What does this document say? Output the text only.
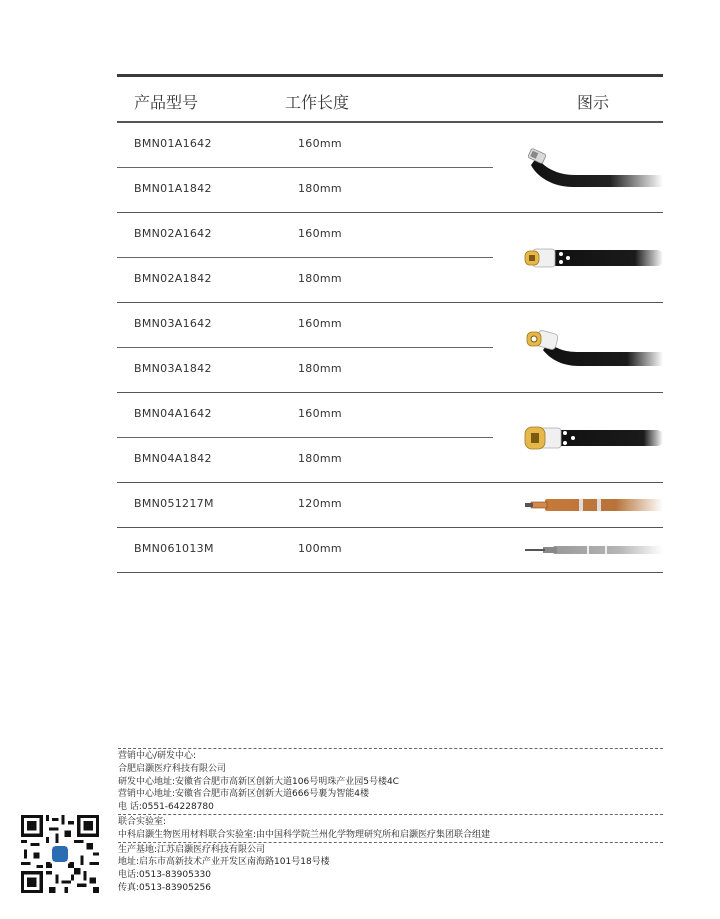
产品型号	工作长度	图示
BMN01A1642	160mm
BMN01A1842	180mm
BMN02A1642	160mm
BMN02A1842	180mm
BMN03A1642	160mm
BMN03A1842	180mm
BMN04A1642	160mm
BMN04A1842	180mm
BMN051217M	120mm
BMN061013M	100mm
营销中心/研发中心:
合肥启灏医疗科技有限公司
研发中心地址:安徽省合肥市高新区创新大道106号明珠产业园5号楼4C
营销中心地址:安徽省合肥市高新区创新大道666号裹为智能4楼
电 话:0551-64228780
联合实验室:
中科启灏生物医用材料联合实验室:由中国科学院兰州化学物理研究所和启灏医疗集团联合组建
生产基地:江苏启灏医疗科技有限公司
地址:启东市高新技术产业开发区南海路101号18号楼
电话:0513-83905330
传真:0513-83905256
